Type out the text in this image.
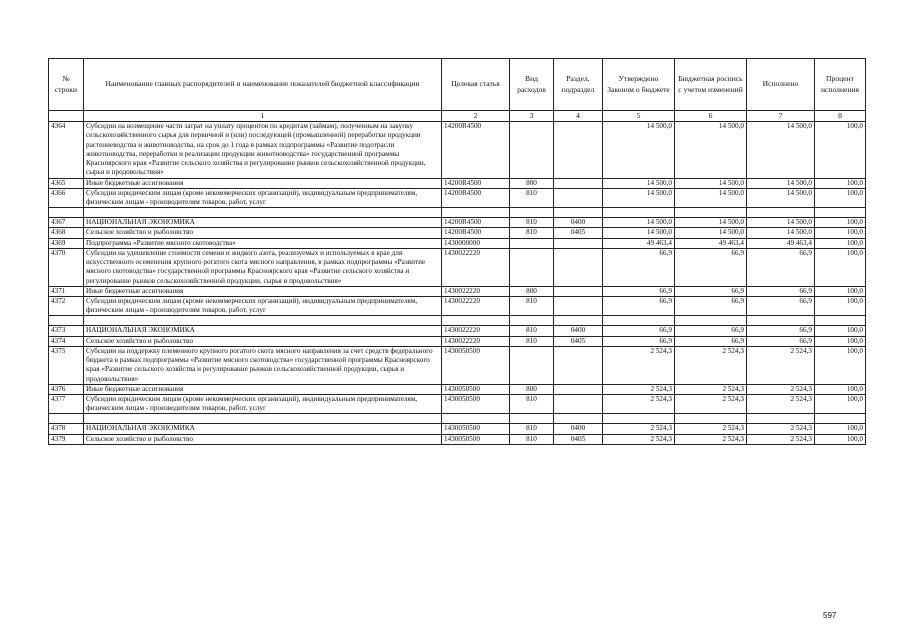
№ строки	Наименование главных распорядителей и наименование показателей бюджетной классификации	Целевая статья	Вид расходов	Раздел, подраздел	Утверждено Законом о бюджете	Бюджетная роспись с учетом изменений	Исполнено	Процент исполнения
	1	2	3	4	5	6	7	8
4364	Субсидии на возмещение части затрат на уплату процентов по кредитам (займам), полученным на закупку сельскохозяйственного сырья для первичной и (или) последующей (промышленной) переработки продукции растениеводства и животноводства, на срок до 1 года в рамках подпрограммы «Развитие подотрасли животноводства, переработки и реализации продукции животноводства» государственной программы Красноярского края «Развитие сельского хозяйства и регулирование рынков сельскохозяйственной продукции, сырья и продовольствия»	14200R4500			14 500,0	14 500,0	14 500,0	100,0
4365	Иные бюджетные ассигнования	14200R4500	800		14 500,0	14 500,0	14 500,0	100,0
4366	Субсидии юридическим лицам (кроме некоммерческих организаций), индивидуальным предпринимателям, физическим лицам - производителям товаров, работ, услуг	14200R4500	810		14 500,0	14 500,0	14 500,0	100,0

4367	НАЦИОНАЛЬНАЯ ЭКОНОМИКА	14200R4500	810	0400	14 500,0	14 500,0	14 500,0	100,0
4368	Сельское хозяйство и рыболовство	14200R4500	810	0405	14 500,0	14 500,0	14 500,0	100,0
4369	Подпрограмма «Развитие мясного скотоводства»	1430000000			49 463,4	49 463,4	49 463,4	100,0
4370	Субсидии на удешевление стоимости семени и жидкого азота, реализуемых и используемых в крае для искусственного осеменения крупного рогатого скота мясного направления, в рамках подпрограммы «Развитие мясного скотоводства» государственной программы Красноярского края «Развитие сельского хозяйства и регулирование рынков сельскохозяйственной продукции, сырья и продовольствия»	1430022220			66,9	66,9	66,9	100,0
4371	Иные бюджетные ассигнования	1430022220	800		66,9	66,9	66,9	100,0
4372	Субсидии юридическим лицам (кроме некоммерческих организаций), индивидуальным предпринимателям, физическим лицам - производителям товаров, работ, услуг	1430022220	810		66,9	66,9	66,9	100,0

4373	НАЦИОНАЛЬНАЯ ЭКОНОМИКА	1430022220	810	0400	66,9	66,9	66,9	100,0
4374	Сельское хозяйство и рыболовство	1430022220	810	0405	66,9	66,9	66,9	100,0
4375	Субсидии на поддержку племенного крупного рогатого скота мясного направления за счет средств федерального бюджета в рамках подпрограммы «Развитие мясного скотоводства» государственной программы Красноярского края «Развитие сельского хозяйства и регулирование рынков сельскохозяйственной продукции, сырья и продовольствия»	1430050500			2 524,3	2 524,3	2 524,3	100,0
4376	Иные бюджетные ассигнования	1430050500	800		2 524,3	2 524,3	2 524,3	100,0
4377	Субсидии юридическим лицам (кроме некоммерческих организаций), индивидуальным предпринимателям, физическим лицам - производителям товаров, работ, услуг	1430050500	810		2 524,3	2 524,3	2 524,3	100,0

4378	НАЦИОНАЛЬНАЯ ЭКОНОМИКА	1430050500	810	0400	2 524,3	2 524,3	2 524,3	100,0
4379	Сельское хозяйство и рыболовство	1430050500	810	0405	2 524,3	2 524,3	2 524,3	100,0
597
